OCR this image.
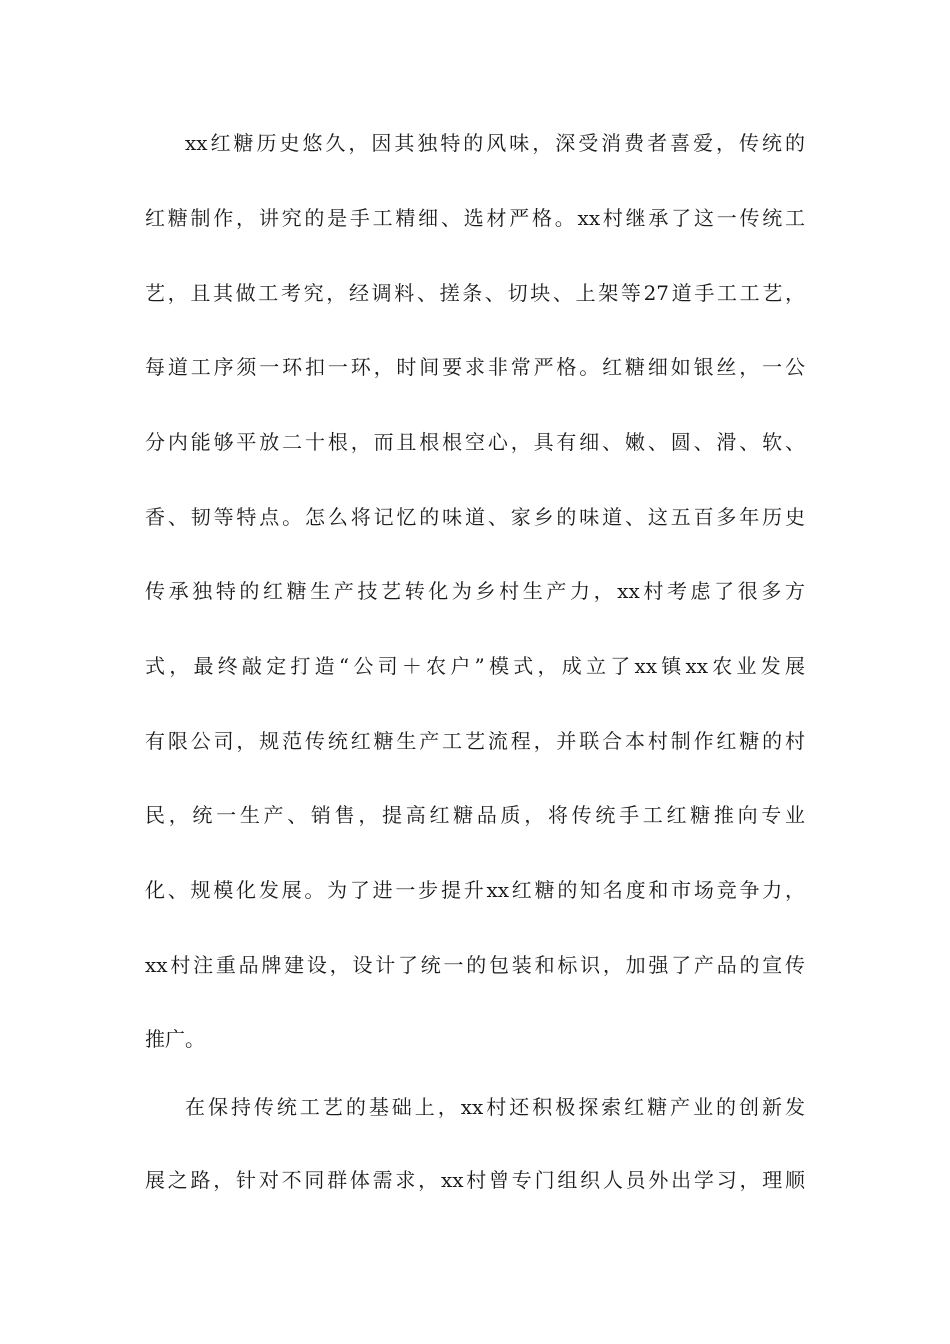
xx红糖历史悠久，因其独特的风味，深受消费者喜爱，传统的
红糖制作，讲究的是手工精细、选材严格。xx村继承了这一传统工
艺，且其做工考究，经调料、搓条、切块、上架等27道手工工艺，
每道工序须一环扣一环，时间要求非常严格。红糖细如银丝，一公
分内能够平放二十根，而且根根空心，具有细、嫩、圆、滑、软、
香、韧等特点。怎么将记忆的味道、家乡的味道、这五百多年历史
传承独特的红糖生产技艺转化为乡村生产力，xx村考虑了很多方
式，最终敲定打造“公司＋农户”模式，成立了xx镇xx农业发展
有限公司，规范传统红糖生产工艺流程，并联合本村制作红糖的村
民，统一生产、销售，提高红糖品质，将传统手工红糖推向专业
化、规模化发展。为了进一步提升xx红糖的知名度和市场竞争力，
xx村注重品牌建设，设计了统一的包装和标识，加强了产品的宣传
推广。
在保持传统工艺的基础上，xx村还积极探索红糖产业的创新发
展之路，针对不同群体需求，xx村曾专门组织人员外出学习，理顺
